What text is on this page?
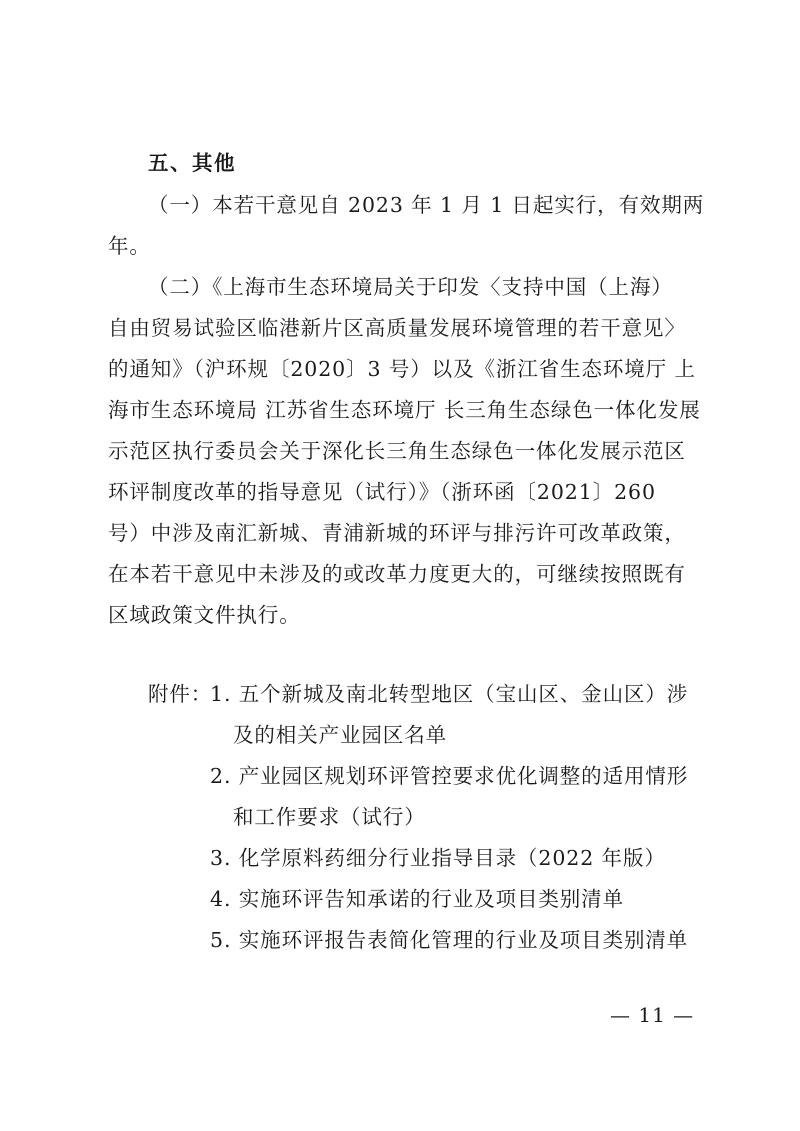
五、其他
（一）本若干意见自 2023 年 1 月 1 日起实行，有效期两
年。
（二）《上海市生态环境局关于印发〈支持中国（上海）
自由贸易试验区临港新片区高质量发展环境管理的若干意见〉
的通知》（沪环规〔2020〕3 号）以及《浙江省生态环境厅 上
海市生态环境局 江苏省生态环境厅 长三角生态绿色一体化发展
示范区执行委员会关于深化长三角生态绿色一体化发展示范区
环评制度改革的指导意见（试行）》（浙环函〔2021〕260
号）中涉及南汇新城、青浦新城的环评与排污许可改革政策，
在本若干意见中未涉及的或改革力度更大的，可继续按照既有
区域政策文件执行。
附件：
1. 五个新城及南北转型地区（宝山区、金山区）涉
及的相关产业园区名单
2. 产业园区规划环评管控要求优化调整的适用情形
和工作要求（试行）
3. 化学原料药细分行业指导目录（2022 年版）
4. 实施环评告知承诺的行业及项目类别清单
5. 实施环评报告表简化管理的行业及项目类别清单
— 11 —
